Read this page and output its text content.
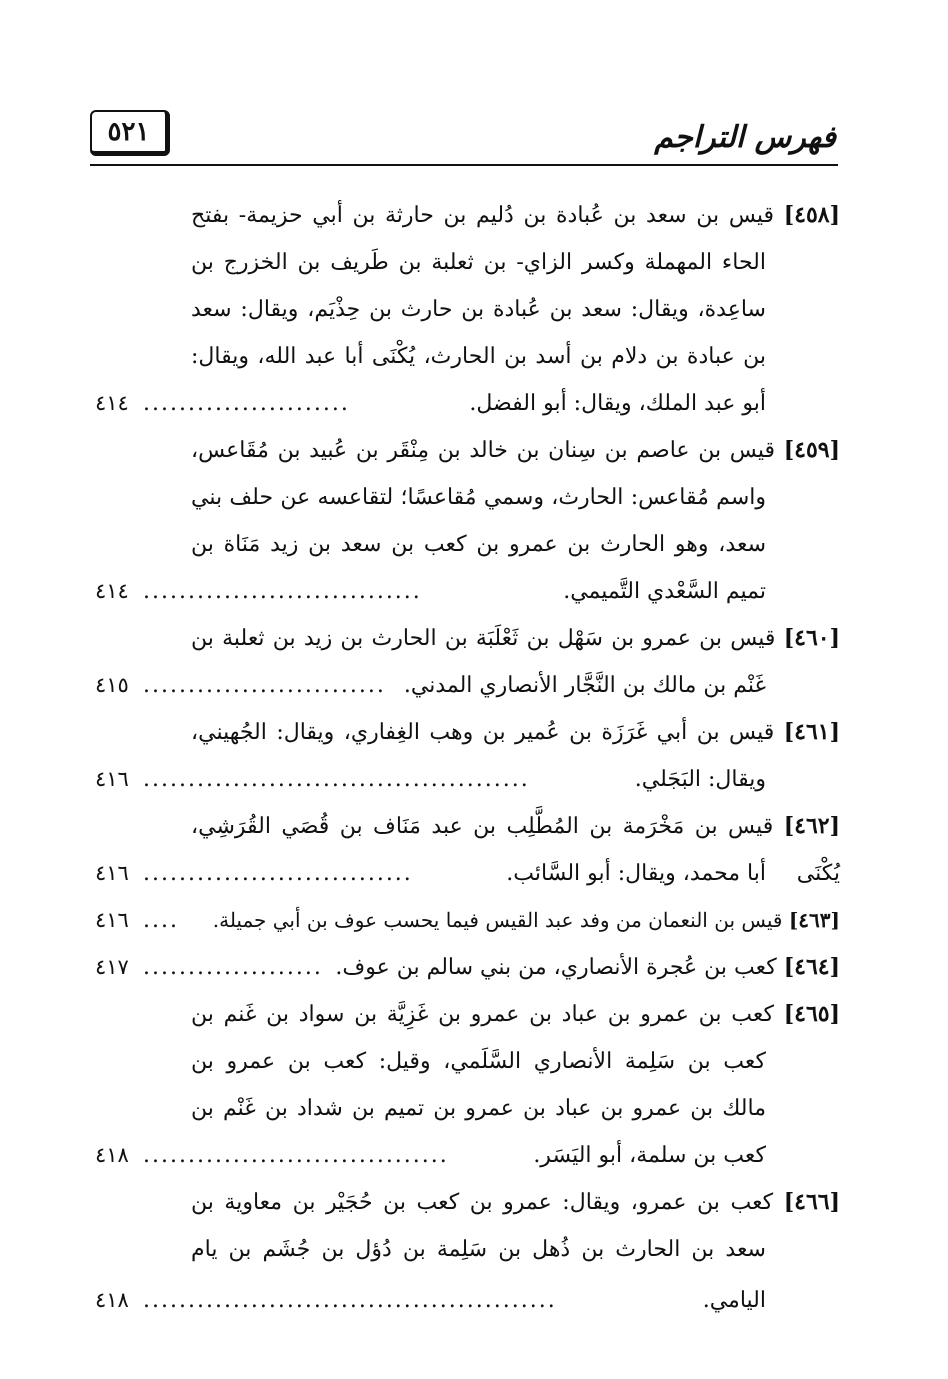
٥٢١	فهرس التراجم
[٤٥٨] قيس بن سعد بن عُبادة بن دُليم بن حارثة بن أبي حزيمة- بفتح
الحاء المهملة وكسر الزاي- بن ثعلبة بن طَريف بن الخزرج بن
ساعِدة، ويقال: سعد بن عُبادة بن حارث بن حِذْيَم، ويقال: سعد
بن عبادة بن دلام بن أسد بن الحارث، يُكْنَى أبا عبد الله، ويقال:
أبو عبد الملك، ويقال: أبو الفضل.
.......................
٤١٤
[٤٥٩] قيس بن عاصم بن سِنان بن خالد بن مِنْقَر بن عُبيد بن مُقَاعس،
واسم مُقاعس: الحارث، وسمي مُقاعسًا؛ لتقاعسه عن حلف بني
سعد، وهو الحارث بن عمرو بن كعب بن سعد بن زيد مَنَاة بن
تميم السَّعْدي التَّميمي.
...............................
٤١٤
[٤٦٠] قيس بن عمرو بن سَهْل بن ثَعْلَبَة بن الحارث بن زيد بن ثعلبة بن
غَنْم بن مالك بن النَّجَّار الأنصاري المدني.
...........................
٤١٥
[٤٦١] قيس بن أبي غَرَزَة بن عُمير بن وهب الغِفاري، ويقال: الجُهيني،
ويقال: البَجَلي.
...........................................
٤١٦
[٤٦٢] قيس بن مَخْرَمة بن المُطَّلِب بن عبد مَنَاف بن قُصَي القُرَشِي، يُكْنَى
أبا محمد، ويقال: أبو السَّائب.
..............................
٤١٦
[٤٦٣] قيس بن النعمان من وفد عبد القيس فيما يحسب عوف بن أبي جميلة.
....
٤١٦
[٤٦٤] كعب بن عُجرة الأنصاري، من بني سالم بن عوف.
....................
٤١٧
[٤٦٥] كعب بن عمرو بن عباد بن عمرو بن غَزِيَّة بن سواد بن غَنم بن
كعب بن سَلِمة الأنصاري السَّلَمي، وقيل: كعب بن عمرو بن
مالك بن عمرو بن عباد بن عمرو بن تميم بن شداد بن غَنْم بن
كعب بن سلمة، أبو اليَسَر.
..................................
٤١٨
[٤٦٦] كعب بن عمرو، ويقال: عمرو بن كعب بن حُجَيْر بن معاوية بن
سعد بن الحارث بن ذُهل بن سَلِمة بن دُؤل بن جُشَم بن يام
اليامي.
..............................................
٤١٨
